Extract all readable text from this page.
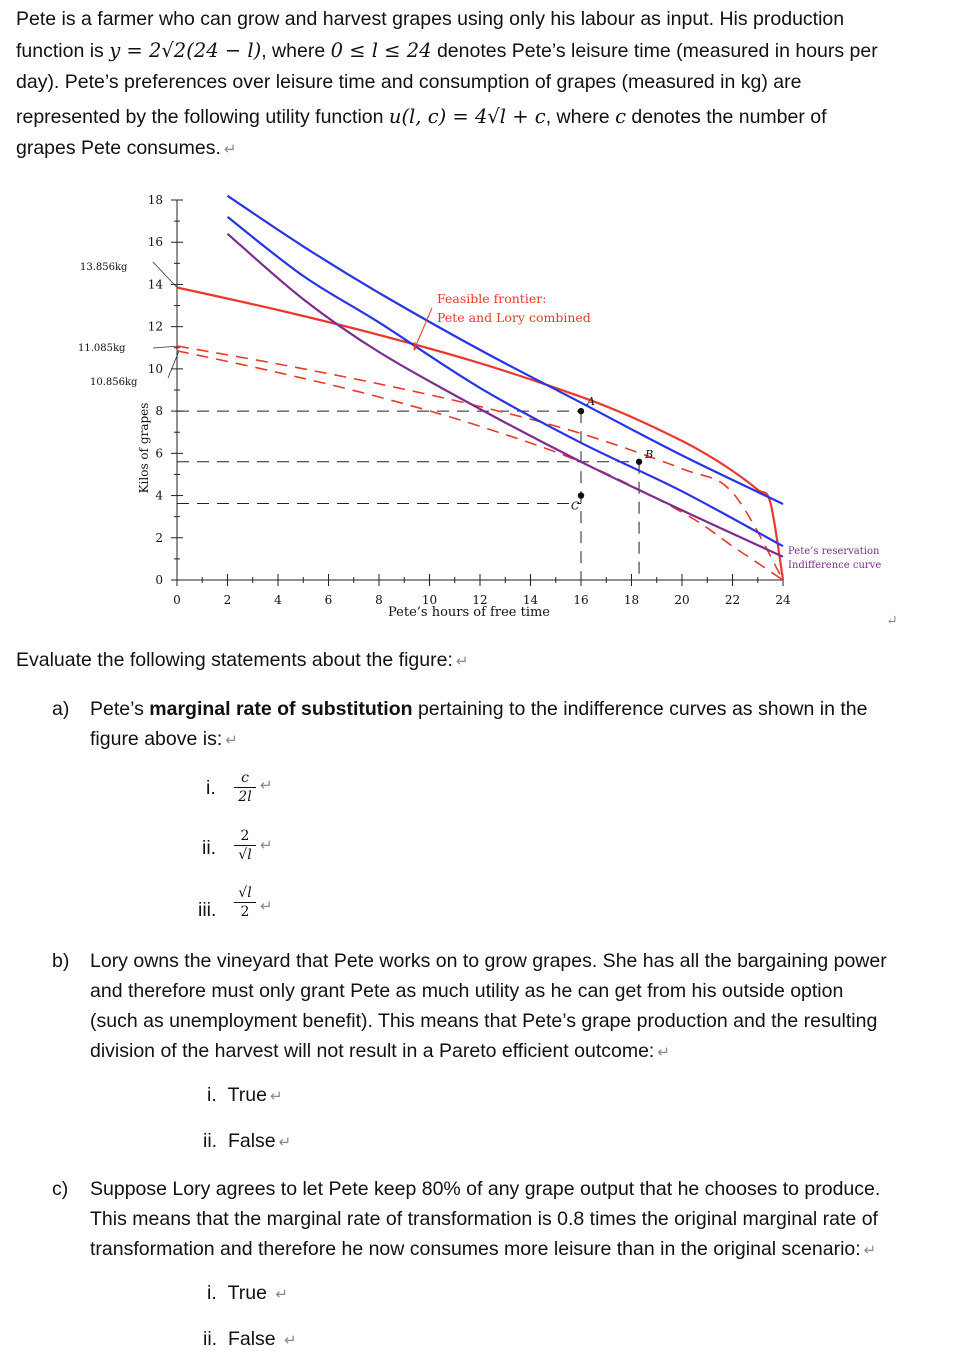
Pete is a farmer who can grow and harvest grapes using only his labour as input. His production
function is y = 2√2(24 − l), where 0 ≤ l ≤ 24 denotes Pete’s leisure time (measured in hours per
day). Pete’s preferences over leisure time and consumption of grapes (measured in kg) are
represented by the following utility function u(l, c) = 4√l + c, where c denotes the number of
grapes Pete consumes. ↵
0
2
4
6
8
10
12
14
16
18
0	2	4	6	8	10	12	14	16	18	20	22	24
Pete’s hours of free time
Kilos of grapes
13.856kg
11.085kg
10.856kg
A
B
C
Feasible frontier:
Pete and Lory combined
Pete’s reservation
Indifference curve
↵
Evaluate the following statements about the figure: ↵
a) Pete’s marginal rate of substitution pertaining to the indifference curves as shown in the
figure above is: ↵
i.	c
2l
↵
ii.
2
√l
↵
iii.
√l
2 ↵
b) Lory owns the vineyard that Pete works on to grow grapes. She has all the bargaining power
and therefore must only grant Pete as much utility as he can get from his outside option
(such as unemployment benefit). This means that Pete’s grape production and the resulting
division of the harvest will not result in a Pareto efficient outcome: ↵
i. True ↵
ii. False ↵
c) Suppose Lory agrees to let Pete keep 80% of any grape output that he chooses to produce.
This means that the marginal rate of transformation is 0.8 times the original marginal rate of
transformation and therefore he now consumes more leisure than in the original scenario: ↵
i. True ↵
ii. False ↵
